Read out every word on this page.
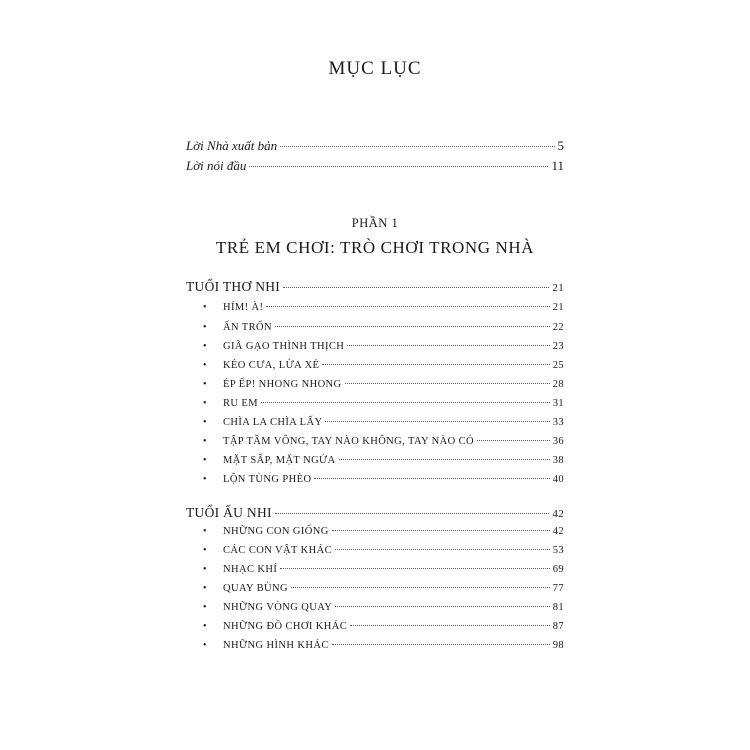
MỤC LỤC
Lời Nhà xuất bản	5
Lời nói đầu	11
PHẦN 1
TRẺ EM CHƠI: TRÒ CHƠI TRONG NHÀ
TUỔI THƠ NHI	21
•	HÍM! À!	21
•	ẤN TRỐN	22
•	GIÃ GẠO THÌNH THỊCH	23
•	KÉO CƯA, LỪA XẺ	25
•	ÉP ẾP! NHONG NHONG	28
•	RU EM	31
•	CHÌA LA CHÌA LẤY	33
•	TẬP TẦM VÔNG, TAY NÀO KHÔNG, TAY NÀO CÓ	36
•	MẶT SẤP, MẶT NGỬA	38
•	LỘN TÙNG PHÈO	40
TUỔI ẤU NHI	42
•	NHỮNG CON GIỐNG	42
•	CÁC CON VẬT KHÁC	53
•	NHẠC KHÍ	69
•	QUAY BÙNG	77
•	NHỮNG VÒNG QUAY	81
•	NHỮNG ĐỒ CHƠI KHÁC	87
•	NHỮNG HÌNH KHÁC	98
